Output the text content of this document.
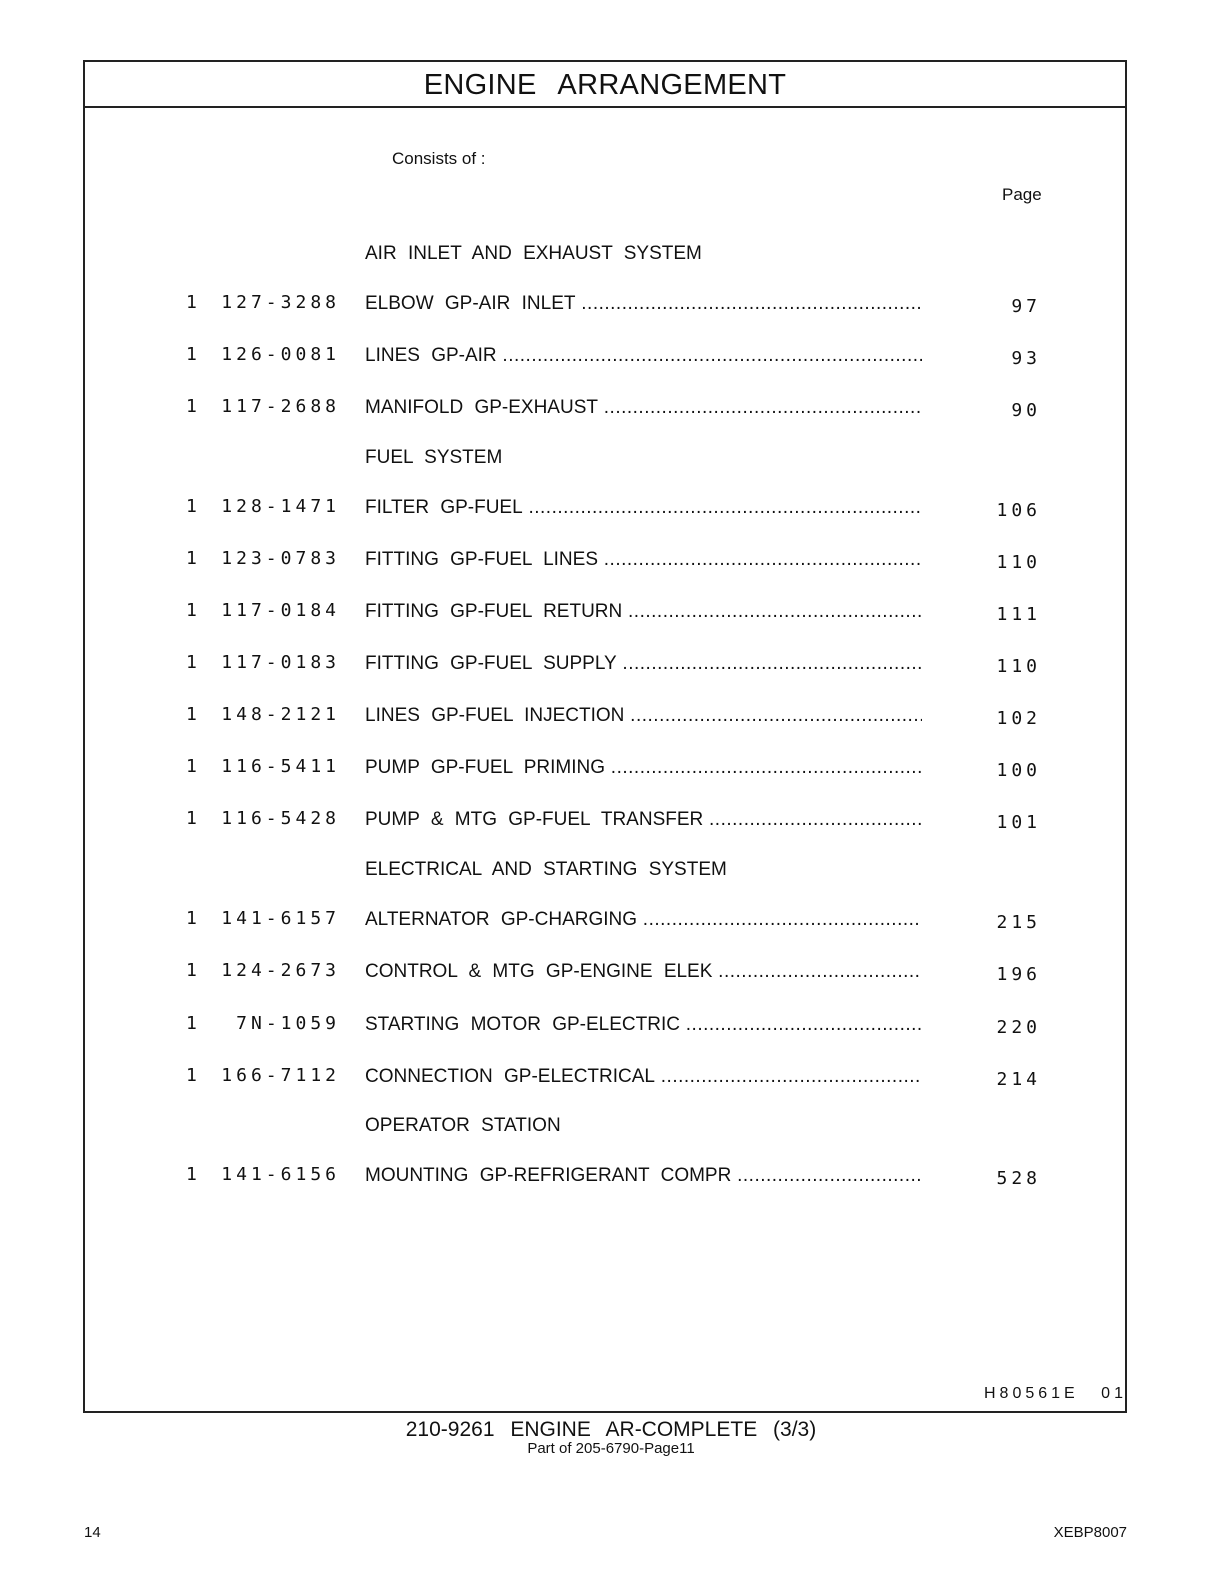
ENGINE ARRANGEMENT
Consists of :
Page
AIR INLET AND EXHAUST SYSTEM
1 127-3288 ELBOW GP-AIR INLET .....	97
1 126-0081 LINES GP-AIR .....	93
1 117-2688 MANIFOLD GP-EXHAUST .....	90
FUEL SYSTEM
1 128-1471 FILTER GP-FUEL .....	106
1 123-0783 FITTING GP-FUEL LINES .....	110
1 117-0184 FITTING GP-FUEL RETURN .....	111
1 117-0183 FITTING GP-FUEL SUPPLY .....	110
1 148-2121 LINES GP-FUEL INJECTION .....	102
1 116-5411 PUMP GP-FUEL PRIMING .....	100
1 116-5428 PUMP & MTG GP-FUEL TRANSFER .....	101
ELECTRICAL AND STARTING SYSTEM
1 141-6157 ALTERNATOR GP-CHARGING .....	215
1 124-2673 CONTROL & MTG GP-ENGINE ELEK .....	196
1 7N-1059 STARTING MOTOR GP-ELECTRIC .....	220
1 166-7112 CONNECTION GP-ELECTRICAL .....	214
OPERATOR STATION
1 141-6156 MOUNTING GP-REFRIGERANT COMPR .....	528
H80561E 01
210-9261 ENGINE AR-COMPLETE (3/3)
Part of 205-6790-Page11
14	XEBP8007
